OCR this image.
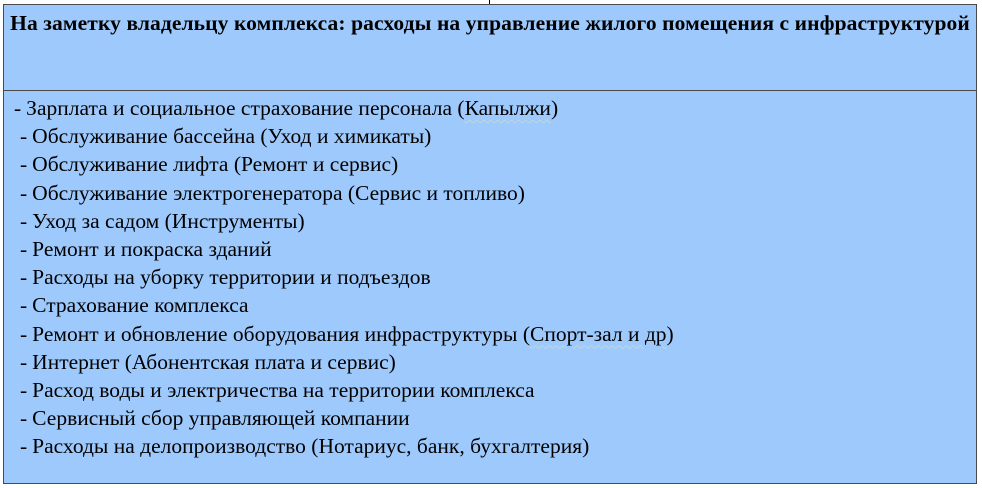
На заметку владельцу комплекса: расходы на управление жилого помещения с инфраструктурой
- Зарплата и социальное страхование персонала (Капылжи)
- Обслуживание бассейна (Уход и химикаты)
- Обслуживание лифта (Ремонт и сервис)
- Обслуживание электрогенератора (Сервис и топливо)
- Уход за садом (Инструменты)
- Ремонт и покраска зданий
- Расходы на уборку территории и подъездов
- Страхование комплекса
- Ремонт и обновление оборудования инфраструктуры (Спорт-зал и др)
- Интернет (Абонентская плата и сервис)
- Расход воды и электричества на территории комплекса
- Сервисный сбор управляющей компании
- Расходы на делопроизводство (Нотариус, банк, бухгалтерия)
